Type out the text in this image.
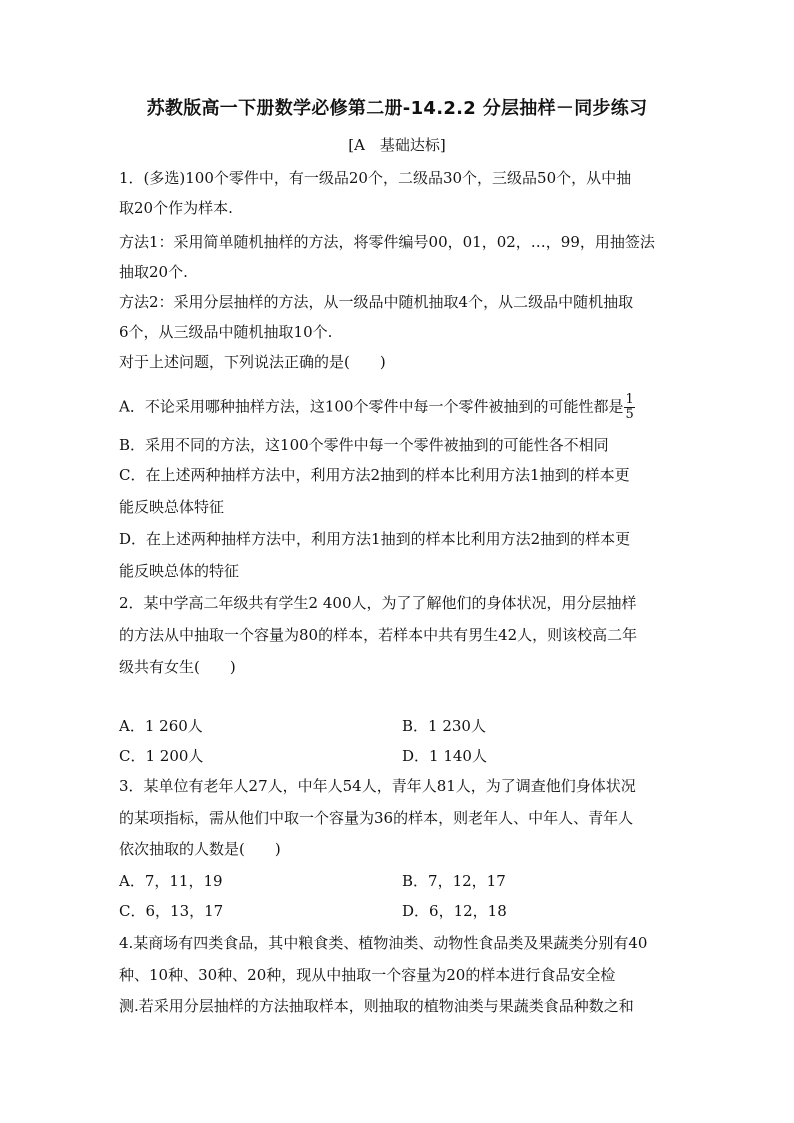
苏教版高一下册数学必修第二册-14.2.2 分层抽样－同步练习
[A　基础达标]
1．(多选)100个零件中，有一级品20个，二级品30个，三级品50个，从中抽
取20个作为样本.
方法1：采用简单随机抽样的方法，将零件编号00，01，02，…，99，用抽签法
抽取20个.
方法2：采用分层抽样的方法，从一级品中随机抽取4个，从二级品中随机抽取
6个，从三级品中随机抽取10个.
对于上述问题，下列说法正确的是(　　)
A．不论采用哪种抽样方法，这100个零件中每一个零件被抽到的可能性都是 $\frac{1}{5}$
B．采用不同的方法，这100个零件中每一个零件被抽到的可能性各不相同
C．在上述两种抽样方法中，利用方法2抽到的样本比利用方法1抽到的样本更
能反映总体特征
D．在上述两种抽样方法中，利用方法1抽到的样本比利用方法2抽到的样本更
能反映总体的特征
2．某中学高二年级共有学生2 400人，为了了解他们的身体状况，用分层抽样
的方法从中抽取一个容量为80的样本，若样本中共有男生42人，则该校高二年
级共有女生(　　)
A．1 260人	B．1 230人
C．1 200人	D．1 140人
3．某单位有老年人27人，中年人54人，青年人81人，为了调查他们身体状况
的某项指标，需从他们中取一个容量为36的样本，则老年人、中年人、青年人
依次抽取的人数是(　　)
A．7，11，19	B．7，12，17
C．6，13，17	D．6，12，18
4.某商场有四类食品，其中粮食类、植物油类、动物性食品类及果蔬类分别有40
种、10种、30种、20种，现从中抽取一个容量为20的样本进行食品安全检
测.若采用分层抽样的方法抽取样本，则抽取的植物油类与果蔬类食品种数之和
